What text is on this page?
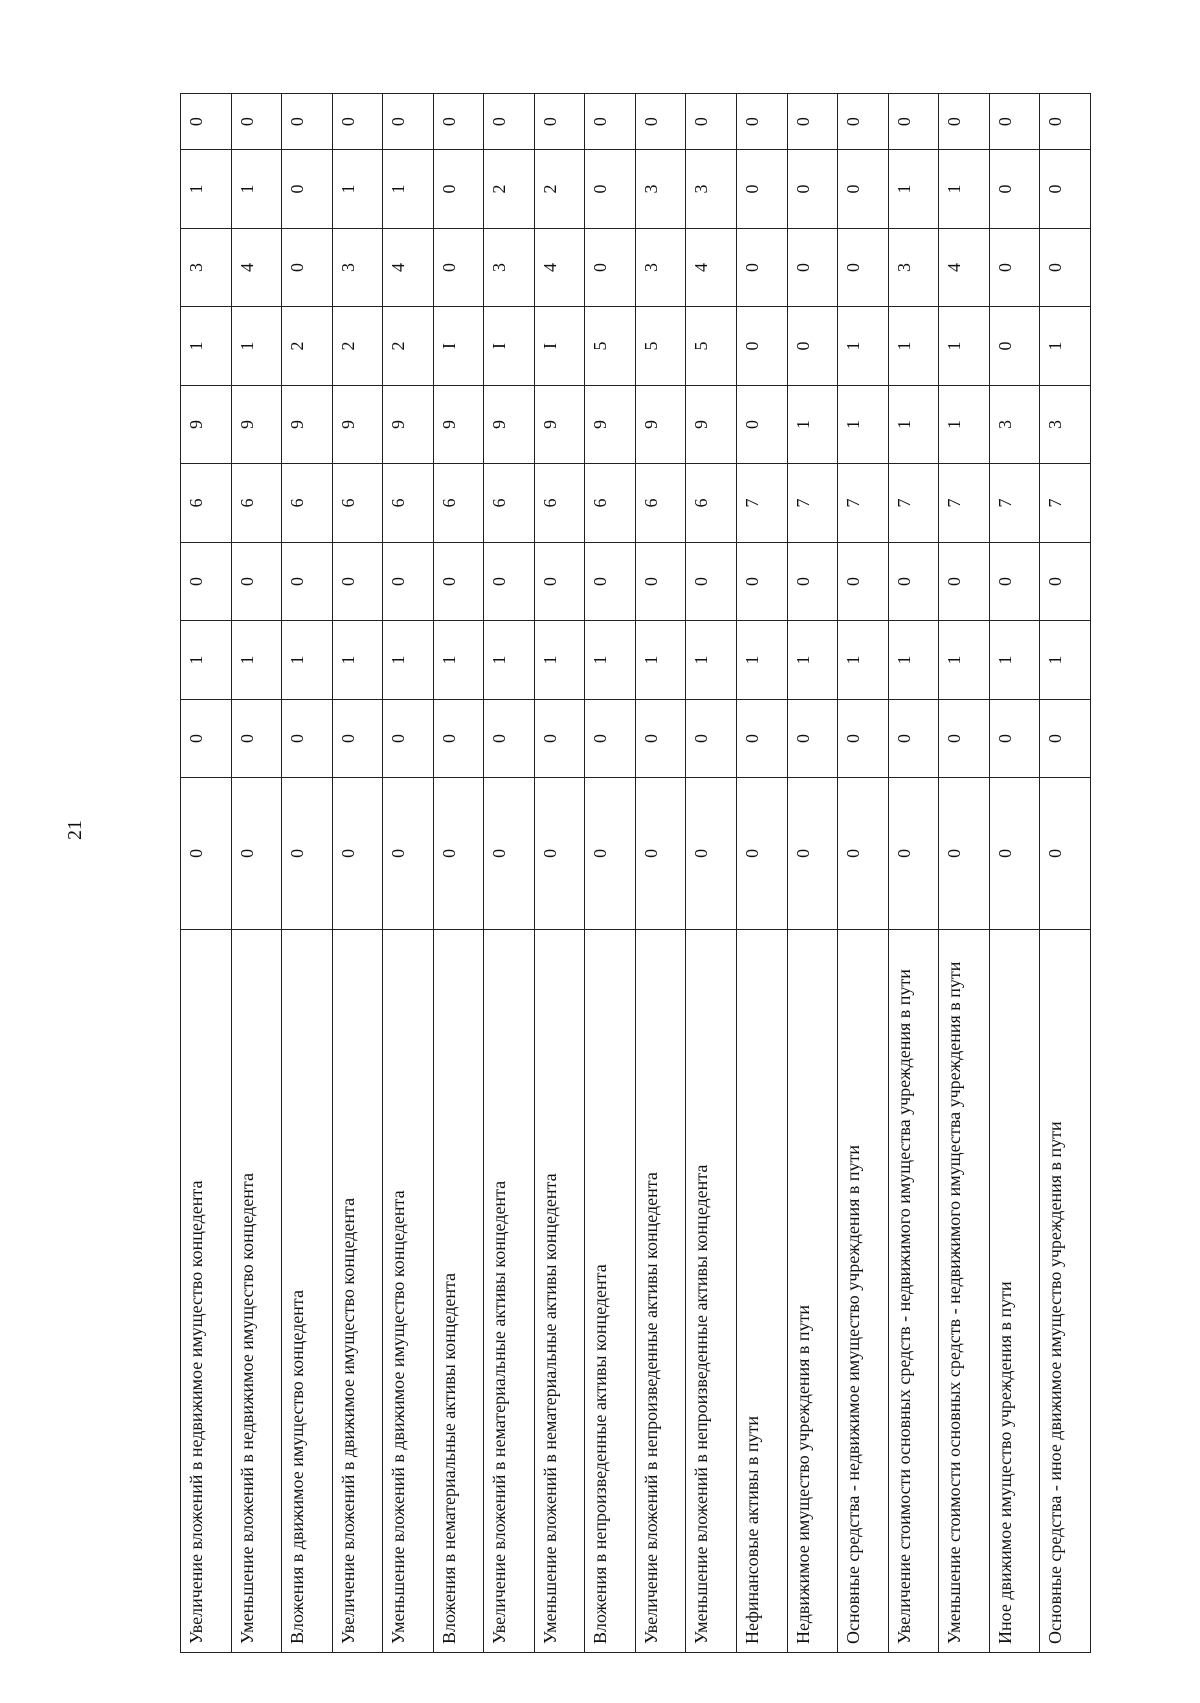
21
Увеличение вложений в недвижимое имущество концедента	0	0	1	0	6	9	1	3	1	0
Уменьшение вложений в недвижимое имущество концедента	0	0	1	0	6	9	1	4	1	0
Вложения в движимое имущество концедента	0	0	1	0	6	9	2	0	0	0
Увеличение вложений в движимое имущество концедента	0	0	1	0	6	9	2	3	1	0
Уменьшение вложений в движимое имущество концедента	0	0	1	0	6	9	2	4	1	0
Вложения в нематериальные активы концедента	0	0	1	0	6	9	I	0	0	0
Увеличение вложений в нематериальные активы концедента	0	0	1	0	6	9	I	3	2	0
Уменьшение вложений в нематериальные активы концедента	0	0	1	0	6	9	I	4	2	0
Вложения в непроизведенные активы концедента	0	0	1	0	6	9	5	0	0	0
Увеличение вложений в непроизведенные активы концедента	0	0	1	0	6	9	5	3	3	0
Уменьшение вложений в непроизведенные активы концедента	0	0	1	0	6	9	5	4	3	0
Нефинансовые активы в пути	0	0	1	0	7	0	0	0	0	0
Недвижимое имущество учреждения в пути	0	0	1	0	7	1	0	0	0	0
Основные средства - недвижимое имущество учреждения в пути	0	0	1	0	7	1	1	0	0	0
Увеличение стоимости основных средств - недвижимого имущества учреждения в пути	0	0	1	0	7	1	1	3	1	0
Уменьшение стоимости основных средств - недвижимого имущества учреждения в пути	0	0	1	0	7	1	1	4	1	0
Иное движимое имущество учреждения в пути	0	0	1	0	7	3	0	0	0	0
Основные средства - иное движимое имущество учреждения в пути	0	0	1	0	7	3	1	0	0	0
